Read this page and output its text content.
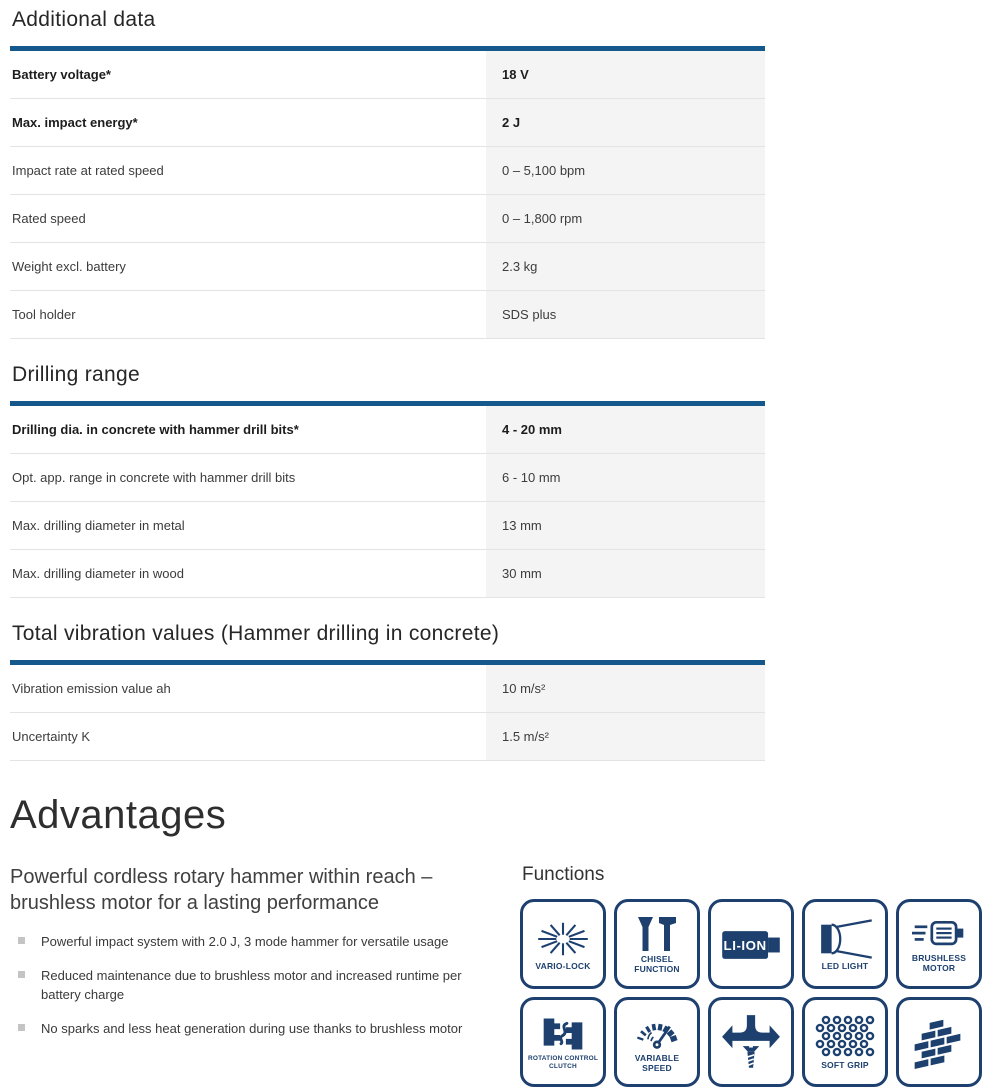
Additional data
Battery voltage*	18 V
Max. impact energy*	2 J
Impact rate at rated speed	0 – 5,100 bpm
Rated speed	0 – 1,800 rpm
Weight excl. battery	2.3 kg
Tool holder	SDS plus
Drilling range
Drilling dia. in concrete with hammer drill bits*	4 - 20 mm
Opt. app. range in concrete with hammer drill bits	6 - 10 mm
Max. drilling diameter in metal	13 mm
Max. drilling diameter in wood	30 mm
Total vibration values (Hammer drilling in concrete)
Vibration emission value ah	10 m/s²
Uncertainty K	1.5 m/s²
Advantages

Powerful cordless rotary hammer within reach – brushless motor for a lasting performance

Powerful impact system with 2.0 J, 3 mode hammer for versatile usage
Reduced maintenance due to brushless motor and increased runtime per battery charge
No sparks and less heat generation during use thanks to brushless motor
Functions
VARIO-LOCK
CHISEL FUNCTION
LI-ION
LED LIGHT
BRUSHLESS MOTOR
ROTATION CONTROL CLUTCH
VARIABLE SPEED	SOFT GRIP
